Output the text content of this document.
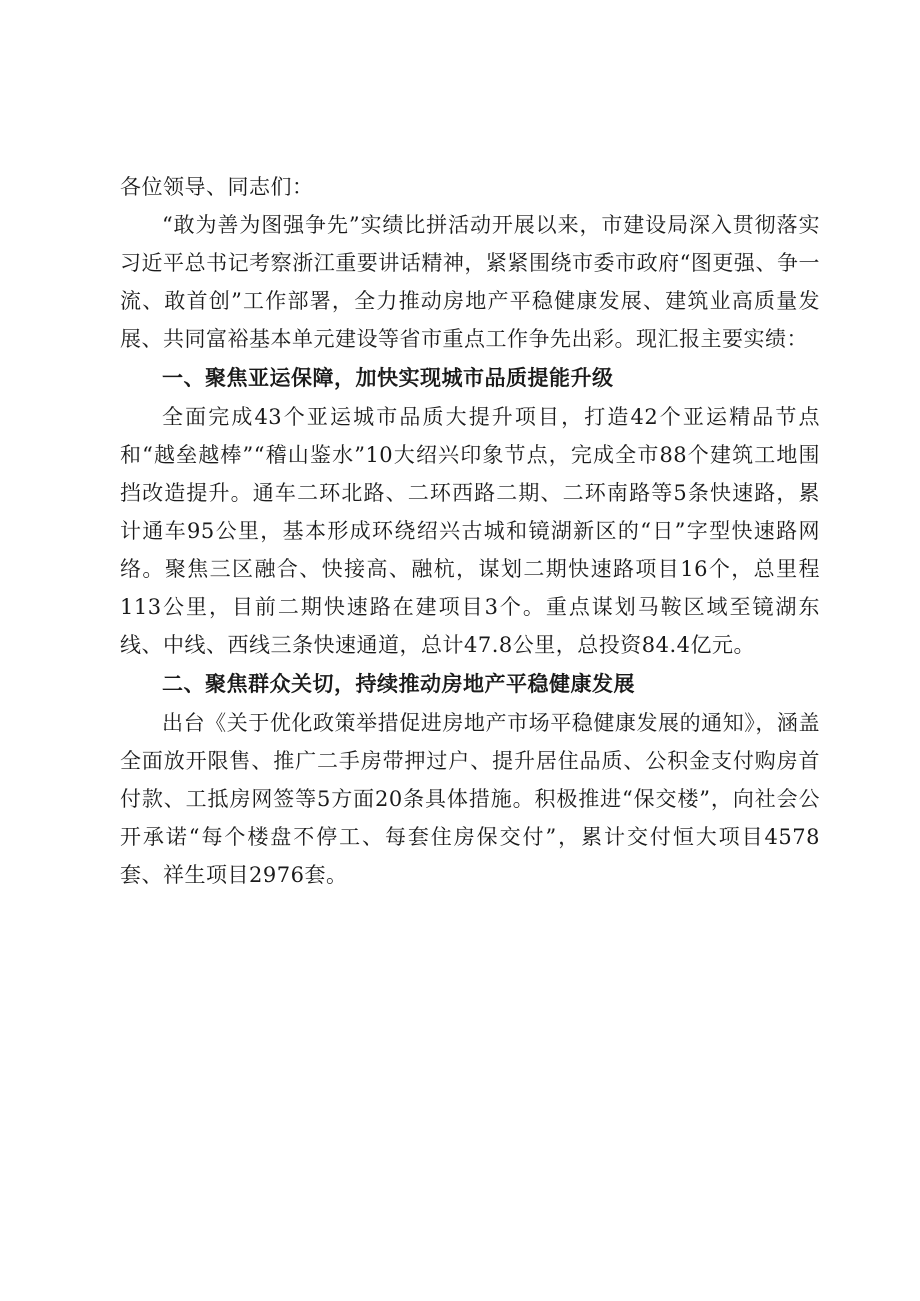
各位领导、同志们：

“敢为善为图强争先”实绩比拼活动开展以来，市建设局深入贯彻落实习近平总书记考察浙江重要讲话精神，紧紧围绕市委市政府“图更强、争一流、敢首创”工作部署，全力推动房地产平稳健康发展、建筑业高质量发展、共同富裕基本单元建设等省市重点工作争先出彩。现汇报主要实绩：

一、聚焦亚运保障，加快实现城市品质提能升级

全面完成43个亚运城市品质大提升项目，打造42个亚运精品节点和“越垒越棒”“稽山鉴水”10大绍兴印象节点，完成全市88个建筑工地围挡改造提升。通车二环北路、二环西路二期、二环南路等5条快速路，累计通车95公里，基本形成环绕绍兴古城和镜湖新区的“日”字型快速路网络。聚焦三区融合、快接高、融杭，谋划二期快速路项目16个，总里程113公里，目前二期快速路在建项目3个。重点谋划马鞍区域至镜湖东线、中线、西线三条快速通道，总计47.8公里，总投资84.4亿元。

二、聚焦群众关切，持续推动房地产平稳健康发展

出台《关于优化政策举措促进房地产市场平稳健康发展的通知》，涵盖全面放开限售、推广二手房带押过户、提升居住品质、公积金支付购房首付款、工抵房网签等5方面20条具体措施。积极推进“保交楼”，向社会公开承诺“每个楼盘不停工、每套住房保交付”，累计交付恒大项目4578套、祥生项目2976套。
